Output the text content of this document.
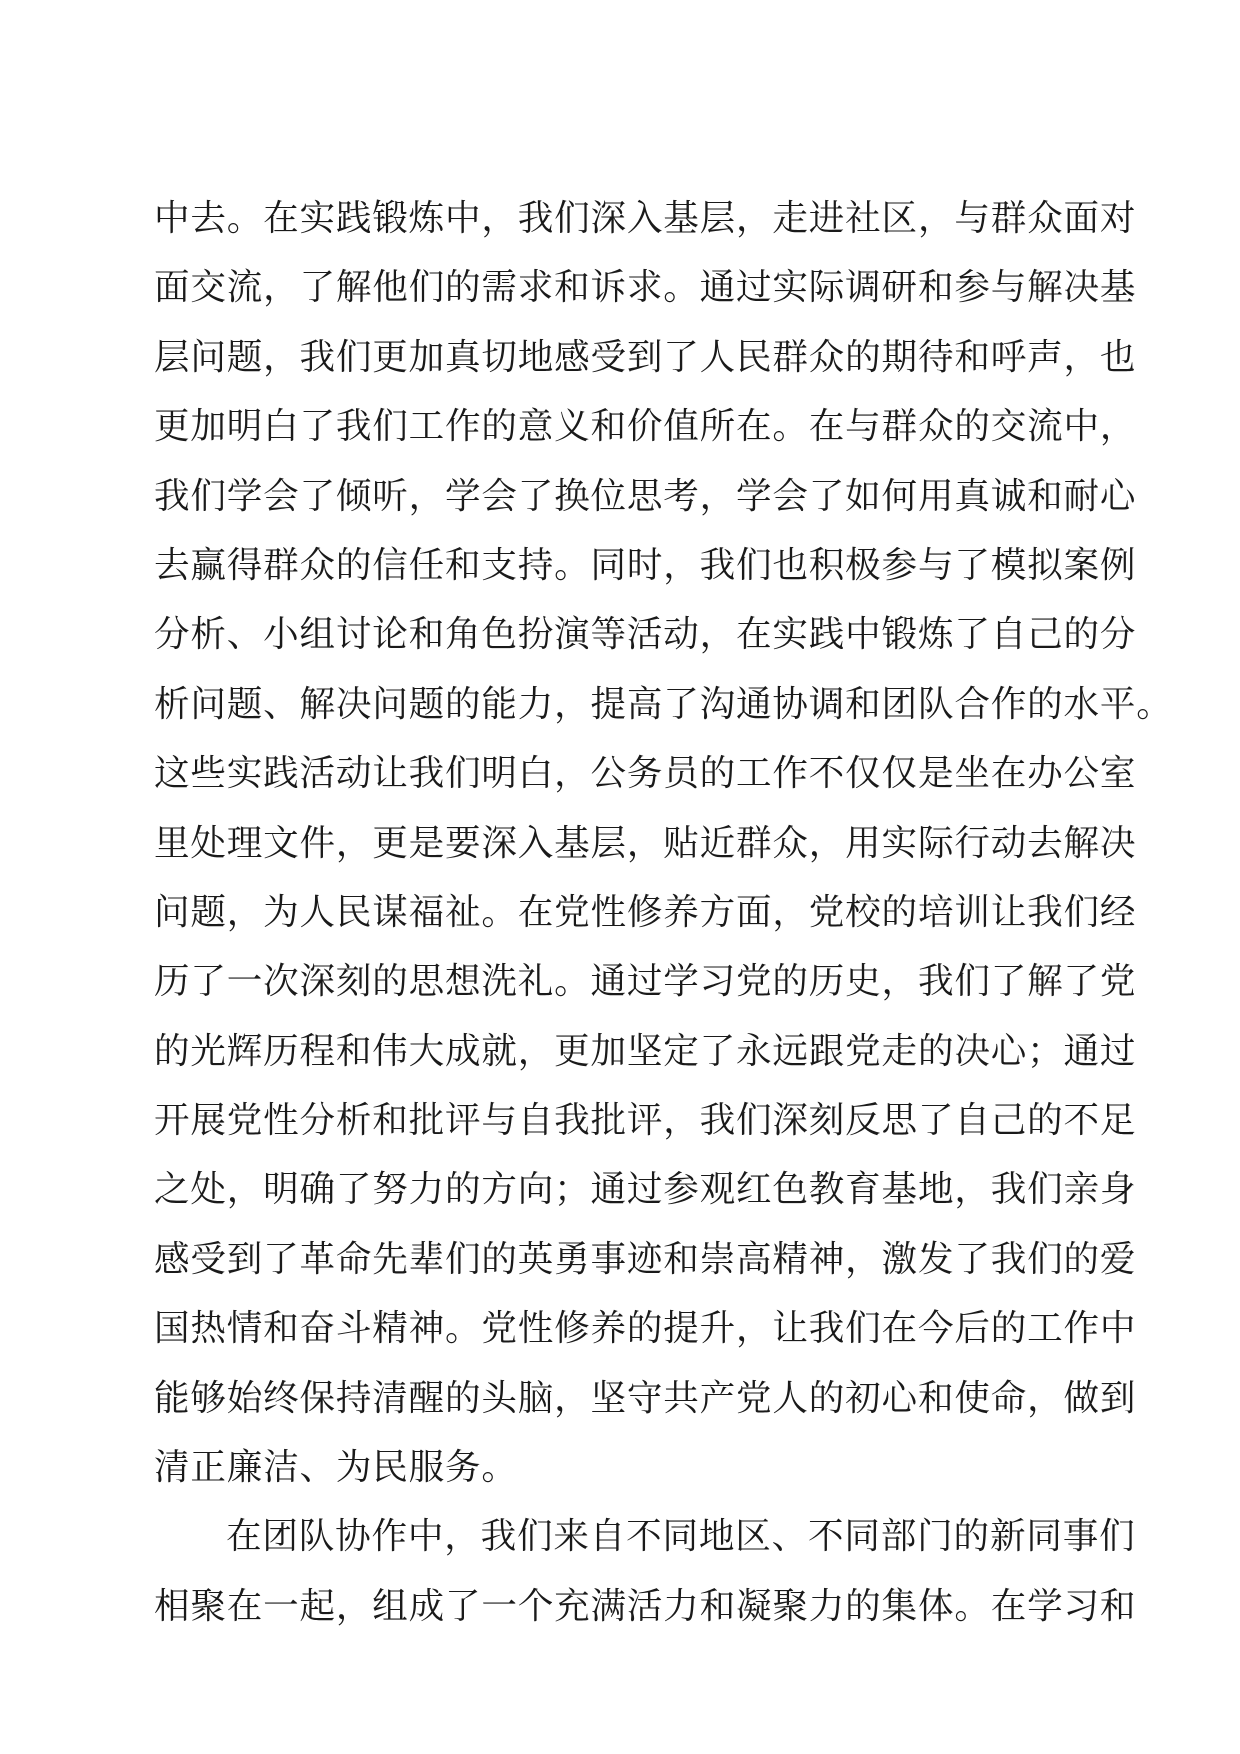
中去。在实践锻炼中，我们深入基层，走进社区，与群众面对
面交流，了解他们的需求和诉求。通过实际调研和参与解决基
层问题，我们更加真切地感受到了人民群众的期待和呼声，也
更加明白了我们工作的意义和价值所在。在与群众的交流中，
我们学会了倾听，学会了换位思考，学会了如何用真诚和耐心
去赢得群众的信任和支持。同时，我们也积极参与了模拟案例
分析、小组讨论和角色扮演等活动，在实践中锻炼了自己的分
析问题、解决问题的能力，提高了沟通协调和团队合作的水平。
这些实践活动让我们明白，公务员的工作不仅仅是坐在办公室
里处理文件，更是要深入基层，贴近群众，用实际行动去解决
问题，为人民谋福祉。在党性修养方面，党校的培训让我们经
历了一次深刻的思想洗礼。通过学习党的历史，我们了解了党
的光辉历程和伟大成就，更加坚定了永远跟党走的决心；通过
开展党性分析和批评与自我批评，我们深刻反思了自己的不足
之处，明确了努力的方向；通过参观红色教育基地，我们亲身
感受到了革命先辈们的英勇事迹和崇高精神，激发了我们的爱
国热情和奋斗精神。党性修养的提升，让我们在今后的工作中
能够始终保持清醒的头脑，坚守共产党人的初心和使命，做到
清正廉洁、为民服务。
在团队协作中，我们来自不同地区、不同部门的新同事们
相聚在一起，组成了一个充满活力和凝聚力的集体。在学习和
